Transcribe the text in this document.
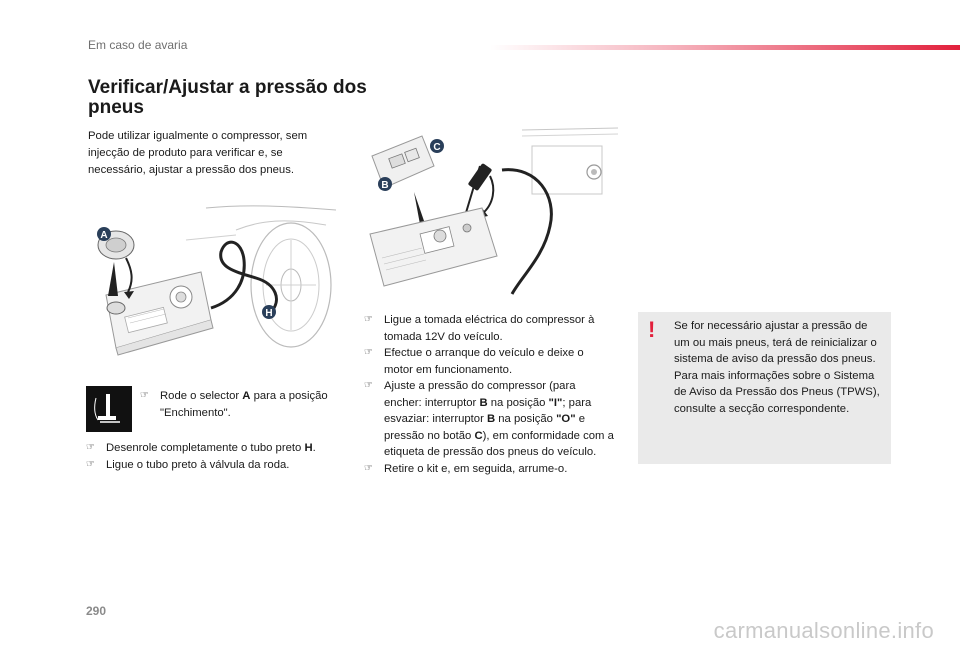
Em caso de avaria
Verificar/Ajustar a pressão dos pneus

Pode utilizar igualmente o compressor, sem injecção de produto para verificar e, se necessário, ajustar a pressão dos pneus.

A
H
C
B
☞ Rode o selector A para a posição "Enchimento".
☞ Desenrole completamente o tubo preto H.
☞ Ligue o tubo preto à válvula da roda.
☞ Ligue a tomada eléctrica do compressor à tomada 12V do veículo.
☞ Efectue o arranque do veículo e deixe o motor em funcionamento.
☞ Ajuste a pressão do compressor (para encher: interruptor B na posição "I"; para esvaziar: interruptor B na posição "O" e pressão no botão C), em conformidade com a etiqueta de pressão dos pneus do veículo.
☞ Retire o kit e, em seguida, arrume-o.
! Se for necessário ajustar a pressão de um ou mais pneus, terá de reinicializar o sistema de aviso da pressão dos pneus.
Para mais informações sobre o Sistema de Aviso da Pressão dos Pneus (TPWS), consulte a secção correspondente.

290
carmanualsonline.info
